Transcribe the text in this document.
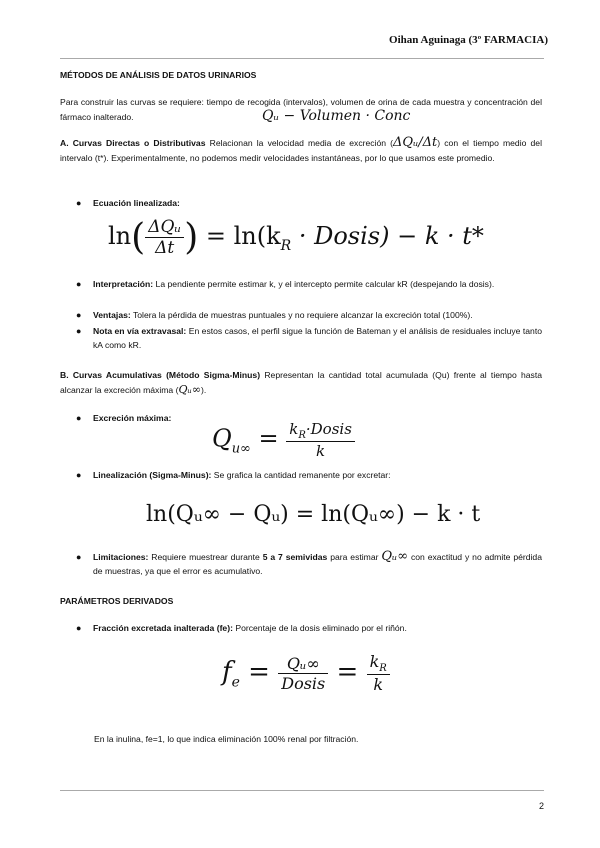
Oihan Aguinaga (3º FARMACIA)
MÉTODOS DE ANÁLISIS DE DATOS URINARIOS
Para construir las curvas se requiere: tiempo de recogida (intervalos), volumen de orina de cada muestra y concentración del fármaco inalterado.	Qᵤ − Volumen · Conc
A. Curvas Directas o Distributivas Relacionan la velocidad media de excreción (ΔQᵤ/Δt) con el tiempo medio del intervalo (t*). Experimentalmente, no podemos medir velocidades instantáneas, por lo que usamos este promedio.
● Ecuación linealizada:
$\ln( \frac{\text{ΔQᵤ}}{\Delta t}$ ) = $\ln(k_R$ · Dosis) − k · t*
● Interpretación: La pendiente permite estimar k, y el intercepto permite calcular kR (despejando la dosis).
● Ventajas: Tolera la pérdida de muestras puntuales y no requiere alcanzar la excreción total (100%).
● Nota en vía extravasal: En estos casos, el perfil sigue la función de Bateman y el análisis de residuales incluye tanto kA como kR.
B. Curvas Acumulativas (Método Sigma-Minus) Representan la cantidad total acumulada (Qu) frente al tiempo hasta alcanzar la excreción máxima (Qᵤ∞).
● Excreción máxima:
$Q_{u\infty} = \frac{k_R\cdot Dosis}{k}$
● Linealización (Sigma-Minus): Se grafica la cantidad remanente por excretar:
ln(Qᵤ∞ − Qᵤ) = ln(Qᵤ∞) − k · t
● Limitaciones: Requiere muestrear durante 5 a 7 semividas para estimar Qᵤ∞ con exactitud y no admite pérdida de muestras, ya que el error es acumulativo.
PARÁMETROS DERIVADOS
● Fracción excretada inalterada (fe): Porcentaje de la dosis eliminado por el riñón.
$f_e = \frac{\text{Qᵤ∞}}{\text{Dosis}} = \frac{k_R}{k}$
En la inulina, fe=1, lo que indica eliminación 100% renal por filtración.
2
